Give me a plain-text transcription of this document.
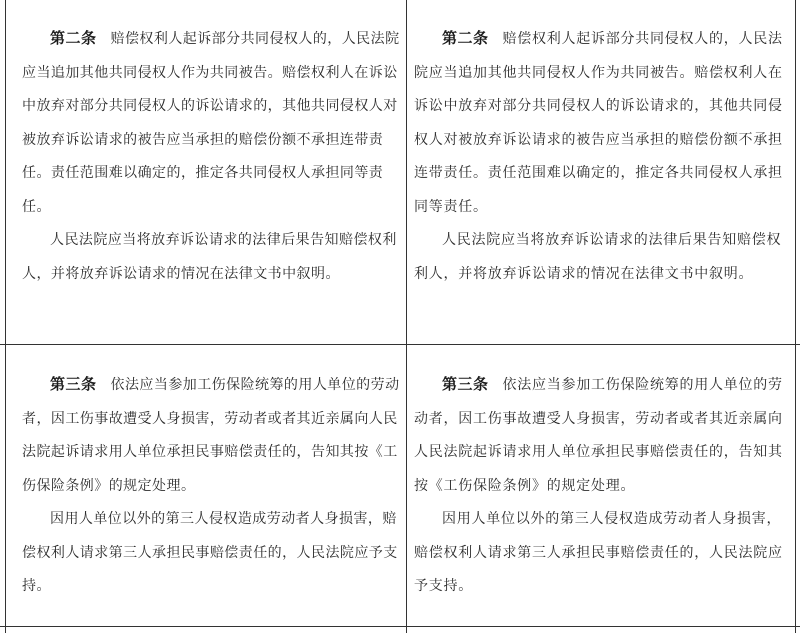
第二条 赔偿权利人起诉部分共同侵权人的，人民法院应当追加其他共同侵权人作为共同被告。赔偿权利人在诉讼中放弃对部分共同侵权人的诉讼请求的，其他共同侵权人对被放弃诉讼请求的被告应当承担的赔偿份额不承担连带责任。责任范围难以确定的，推定各共同侵权人承担同等责任。

人民法院应当将放弃诉讼请求的法律后果告知赔偿权利人，并将放弃诉讼请求的情况在法律文书中叙明。

第二条 赔偿权利人起诉部分共同侵权人的，人民法院应当追加其他共同侵权人作为共同被告。赔偿权利人在诉讼中放弃对部分共同侵权人的诉讼请求的，其他共同侵权人对被放弃诉讼请求的被告应当承担的赔偿份额不承担连带责任。责任范围难以确定的，推定各共同侵权人承担同等责任。

人民法院应当将放弃诉讼请求的法律后果告知赔偿权利人，并将放弃诉讼请求的情况在法律文书中叙明。

第三条 依法应当参加工伤保险统筹的用人单位的劳动者，因工伤事故遭受人身损害，劳动者或者其近亲属向人民法院起诉请求用人单位承担民事赔偿责任的，告知其按《工伤保险条例》的规定处理。

因用人单位以外的第三人侵权造成劳动者人身损害，赔偿权利人请求第三人承担民事赔偿责任的，人民法院应予支持。

第三条 依法应当参加工伤保险统筹的用人单位的劳动者，因工伤事故遭受人身损害，劳动者或者其近亲属向人民法院起诉请求用人单位承担民事赔偿责任的，告知其按《工伤保险条例》的规定处理。

因用人单位以外的第三人侵权造成劳动者人身损害，赔偿权利人请求第三人承担民事赔偿责任的，人民法院应予支持。
